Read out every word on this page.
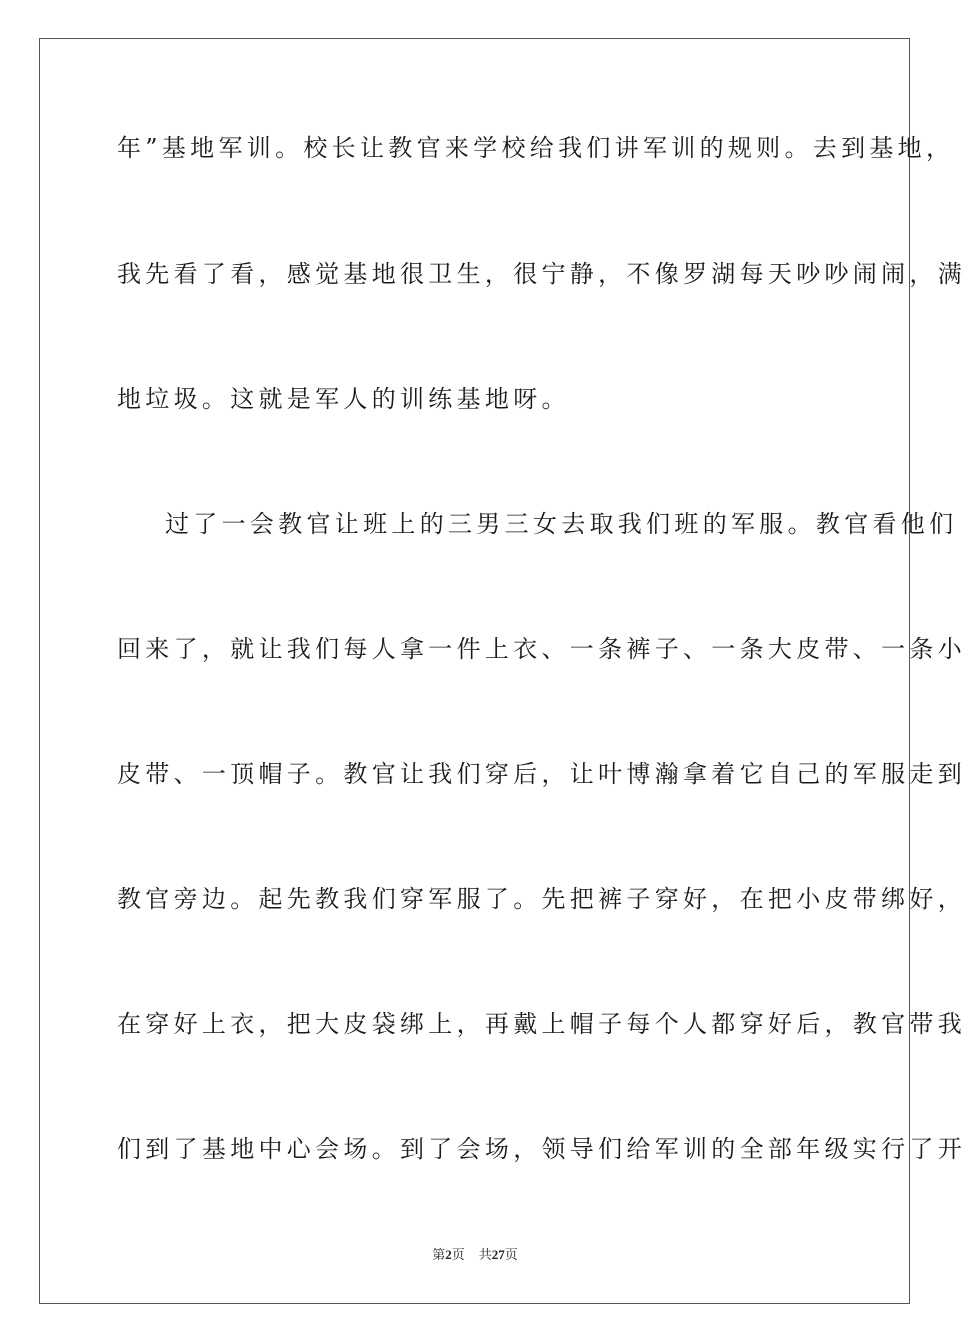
年”基地军训。校长让教官来学校给我们讲军训的规则。去到基地，
我先看了看，感觉基地很卫生，很宁静，不像罗湖每天吵吵闹闹，满
地垃圾。这就是军人的训练基地呀。
过了一会教官让班上的三男三女去取我们班的军服。教官看他们
回来了，就让我们每人拿一件上衣、一条裤子、一条大皮带、一条小
皮带、一顶帽子。教官让我们穿后，让叶博瀚拿着它自己的军服走到
教官旁边。起先教我们穿军服了。先把裤子穿好，在把小皮带绑好，
在穿好上衣，把大皮袋绑上，再戴上帽子每个人都穿好后，教官带我
们到了基地中心会场。到了会场，领导们给军训的全部年级实行了开
第2页 共27页
